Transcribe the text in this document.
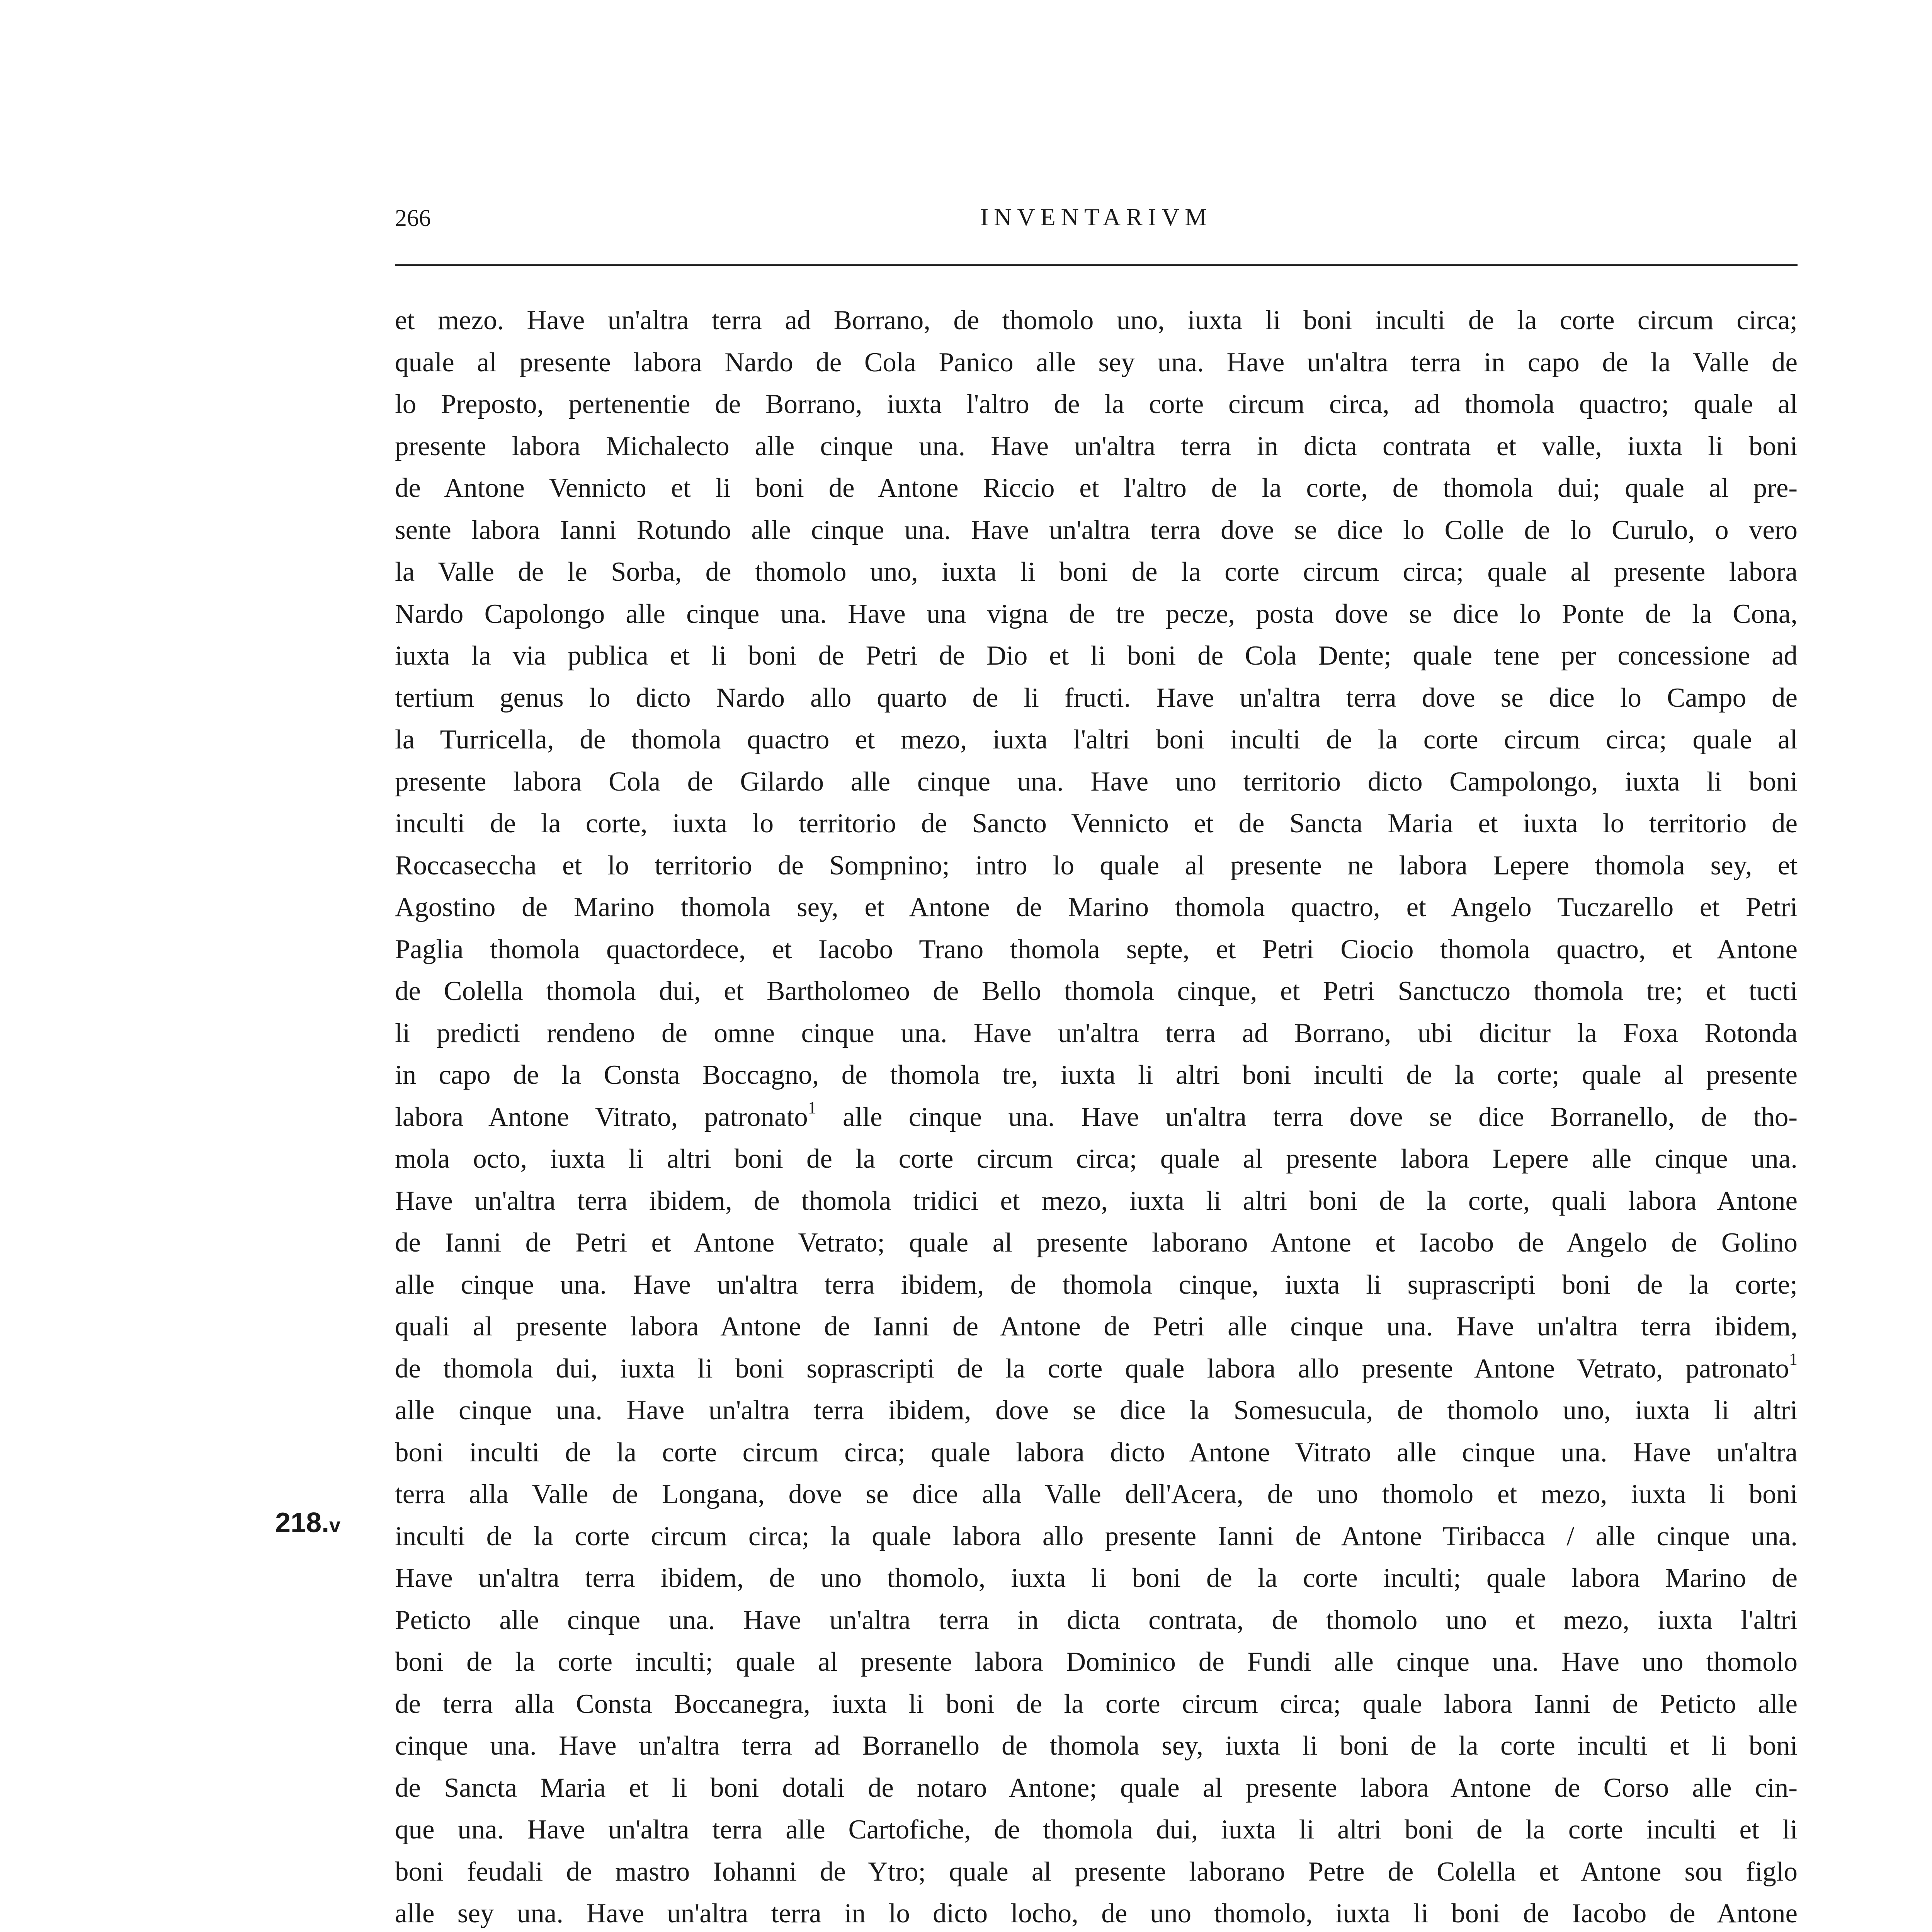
266	INVENTARIVM
218.v
et mezo. Have un'altra terra ad Borrano, de thomolo uno, iuxta li boni inculti de la corte circum circa;
quale al presente labora Nardo de Cola Panico alle sey una. Have un'altra terra in capo de la Valle de
lo Preposto, pertenentie de Borrano, iuxta l'altro de la corte circum circa, ad thomola quactro; quale al
presente labora Michalecto alle cinque una. Have un'altra terra in dicta contrata et valle, iuxta li boni
de Antone Vennicto et li boni de Antone Riccio et l'altro de la corte, de thomola dui; quale al pre-
sente labora Ianni Rotundo alle cinque una. Have un'altra terra dove se dice lo Colle de lo Curulo, o vero
la Valle de le Sorba, de thomolo uno, iuxta li boni de la corte circum circa; quale al presente labora
Nardo Capolongo alle cinque una. Have una vigna de tre pecze, posta dove se dice lo Ponte de la Cona,
iuxta la via publica et li boni de Petri de Dio et li boni de Cola Dente; quale tene per concessione ad
tertium genus lo dicto Nardo allo quarto de li fructi. Have un'altra terra dove se dice lo Campo de
la Turricella, de thomola quactro et mezo, iuxta l'altri boni inculti de la corte circum circa; quale al
presente labora Cola de Gilardo alle cinque una. Have uno territorio dicto Campolongo, iuxta li boni
inculti de la corte, iuxta lo territorio de Sancto Vennicto et de Sancta Maria et iuxta lo territorio de
Roccaseccha et lo territorio de Sompnino; intro lo quale al presente ne labora Lepere thomola sey, et
Agostino de Marino thomola sey, et Antone de Marino thomola quactro, et Angelo Tuczarello et Petri
Paglia thomola quactordece, et Iacobo Trano thomola septe, et Petri Ciocio thomola quactro, et Antone
de Colella thomola dui, et Bartholomeo de Bello thomola cinque, et Petri Sanctuczo thomola tre; et tucti
li predicti rendeno de omne cinque una. Have un'altra terra ad Borrano, ubi dicitur la Foxa Rotonda
in capo de la Consta Boccagno, de thomola tre, iuxta li altri boni inculti de la corte; quale al presente
labora Antone Vitrato, patronato$^1$ alle cinque una. Have un'altra terra dove se dice Borranello, de tho-
mola octo, iuxta li altri boni de la corte circum circa; quale al presente labora Lepere alle cinque una.
Have un'altra terra ibidem, de thomola tridici et mezo, iuxta li altri boni de la corte, quali labora Antone
de Ianni de Petri et Antone Vetrato; quale al presente laborano Antone et Iacobo de Angelo de Golino
alle cinque una. Have un'altra terra ibidem, de thomola cinque, iuxta li suprascripti boni de la corte;
quali al presente labora Antone de Ianni de Antone de Petri alle cinque una. Have un'altra terra ibidem,
de thomola dui, iuxta li boni soprascripti de la corte quale labora allo presente Antone Vetrato, patronato$^1$
alle cinque una. Have un'altra terra ibidem, dove se dice la Somesucula, de thomolo uno, iuxta li altri
boni inculti de la corte circum circa; quale labora dicto Antone Vitrato alle cinque una. Have un'altra
terra alla Valle de Longana, dove se dice alla Valle dell'Acera, de uno thomolo et mezo, iuxta li boni
inculti de la corte circum circa; la quale labora allo presente Ianni de Antone Tiribacca / alle cinque una.
Have un'altra terra ibidem, de uno thomolo, iuxta li boni de la corte inculti; quale labora Marino de
Peticto alle cinque una. Have un'altra terra in dicta contrata, de thomolo uno et mezo, iuxta l'altri
boni de la corte inculti; quale al presente labora Dominico de Fundi alle cinque una. Have uno thomolo
de terra alla Consta Boccanegra, iuxta li boni de la corte circum circa; quale labora Ianni de Peticto alle
cinque una. Have un'altra terra ad Borranello de thomola sey, iuxta li boni de la corte inculti et li boni
de Sancta Maria et li boni dotali de notaro Antone; quale al presente labora Antone de Corso alle cin-
que una. Have un'altra terra alle Cartofiche, de thomola dui, iuxta li altri boni de la corte inculti et li
boni feudali de mastro Iohanni de Ytro; quale al presente laborano Petre de Colella et Antone sou figlo
alle sey una. Have un'altra terra in lo dicto locho, de uno thomolo, iuxta li boni de Iacobo de Antone
